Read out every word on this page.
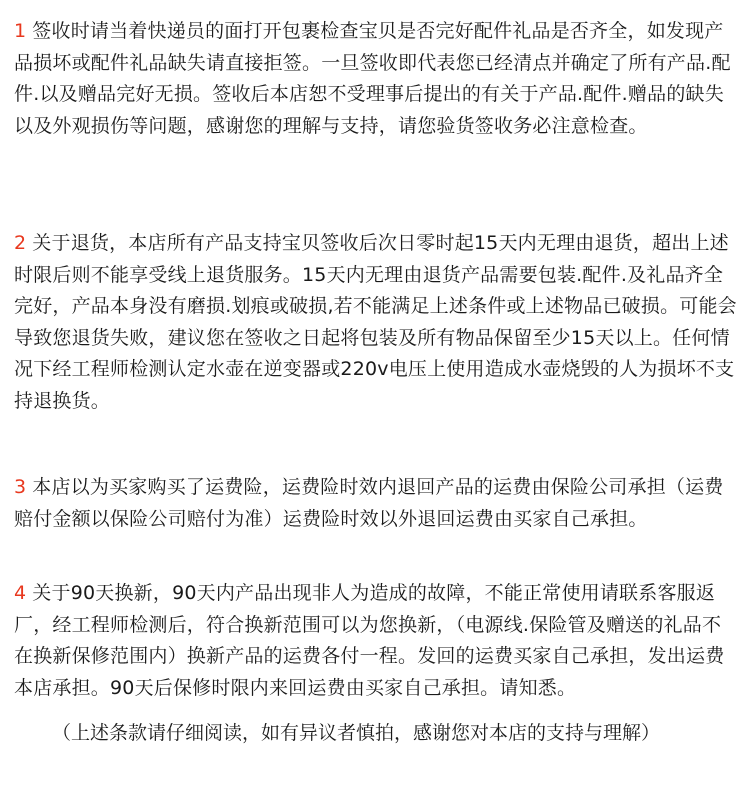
1 签收时请当着快递员的面打开包裹检查宝贝是否完好配件礼品是否齐全，如发现产品损坏或配件礼品缺失请直接拒签。一旦签收即代表您已经清点并确定了所有产品.配件.以及赠品完好无损。签收后本店恕不受理事后提出的有关于产品.配件.赠品的缺失以及外观损伤等问题，感谢您的理解与支持，请您验货签收务必注意检查。

2 关于退货，本店所有产品支持宝贝签收后次日零时起15天内无理由退货，超出上述时限后则不能享受线上退货服务。15天内无理由退货产品需要包装.配件.及礼品齐全完好，产品本身没有磨损.划痕或破损,若不能满足上述条件或上述物品已破损。可能会导致您退货失败，建议您在签收之日起将包装及所有物品保留至少15天以上。任何情况下经工程师检测认定水壶在逆变器或220v电压上使用造成水壶烧毁的人为损坏不支持退换货。

3 本店以为买家购买了运费险，运费险时效内退回产品的运费由保险公司承担（运费赔付金额以保险公司赔付为准）运费险时效以外退回运费由买家自己承担。

4 关于90天换新，90天内产品出现非人为造成的故障，不能正常使用请联系客服返厂，经工程师检测后，符合换新范围可以为您换新，（电源线.保险管及赠送的礼品不在换新保修范围内）换新产品的运费各付一程。发回的运费买家自己承担，发出运费本店承担。90天后保修时限内来回运费由买家自己承担。请知悉。

（上述条款请仔细阅读，如有异议者慎拍，感谢您对本店的支持与理解）
